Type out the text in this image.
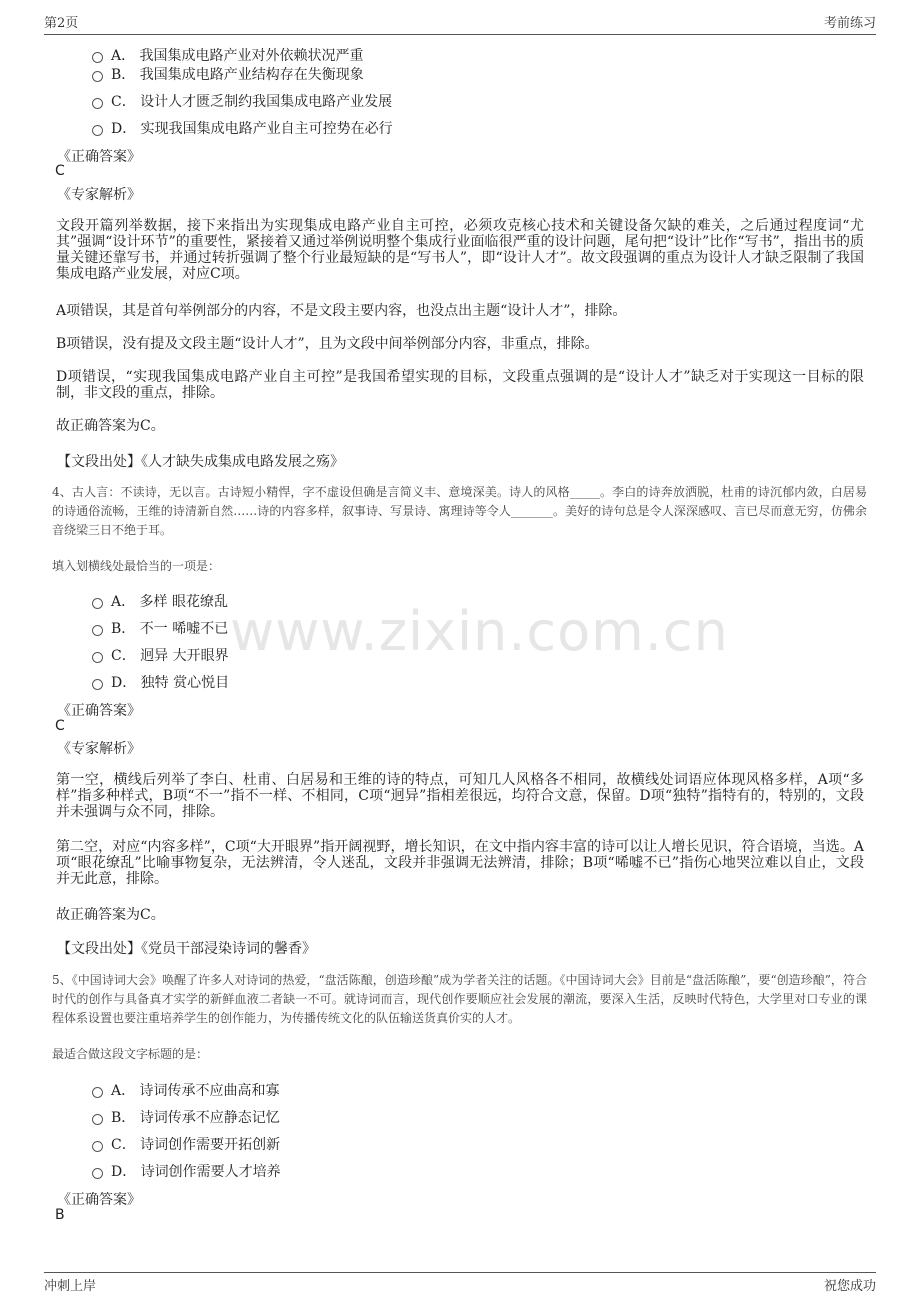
第2页	考前练习
www.zixin.com.cn
A． 我国集成电路产业对外依赖状况严重
B． 我国集成电路产业结构存在失衡现象
C． 设计人才匮乏制约我国集成电路产业发展
D． 实现我国集成电路产业自主可控势在必行
《正确答案》
C
《专家解析》
文段开篇列举数据，接下来指出为实现集成电路产业自主可控，必须攻克核心技术和关键设备欠缺的难关，之后通过程度词“尤其”强调“设计环节”的重要性，紧接着又通过举例说明整个集成行业面临很严重的设计问题，尾句把“设计”比作“写书”，指出书的质量关键还靠写书，并通过转折强调了整个行业最短缺的是“写书人”，即“设计人才”。故文段强调的重点为设计人才缺乏限制了我国集成电路产业发展，对应C项。
A项错误，其是首句举例部分的内容，不是文段主要内容，也没点出主题“设计人才”，排除。
B项错误，没有提及文段主题“设计人才”，且为文段中间举例部分内容，非重点，排除。
D项错误，“实现我国集成电路产业自主可控”是我国希望实现的目标，文段重点强调的是“设计人才”缺乏对于实现这一目标的限制，非文段的重点，排除。
故正确答案为C。
【文段出处】《人才缺失成集成电路发展之殇》
4、古人言：不读诗，无以言。古诗短小精悍，字不虚设但确是言简义丰、意境深美。诗人的风格_____。李白的诗奔放洒脱，杜甫的诗沉郁内敛，白居易的诗通俗流畅，王维的诗清新自然……诗的内容多样，叙事诗、写景诗、寓理诗等令人_______。美好的诗句总是令人深深感叹、言已尽而意无穷，仿佛余音绕梁三日不绝于耳。
填入划横线处最恰当的一项是：
A． 多样 眼花缭乱
B． 不一 唏嘘不已
C． 迥异 大开眼界
D． 独特 赏心悦目
《正确答案》
C
《专家解析》
第一空，横线后列举了李白、杜甫、白居易和王维的诗的特点，可知几人风格各不相同，故横线处词语应体现风格多样，A项“多样”指多种样式，B项“不一”指不一样、不相同，C项“迥异”指相差很远，均符合文意，保留。D项“独特”指特有的，特别的，文段并未强调与众不同，排除。
第二空，对应“内容多样”，C项“大开眼界”指开阔视野，增长知识，在文中指内容丰富的诗可以让人增长见识，符合语境，当选。A项“眼花缭乱”比喻事物复杂，无法辨清，令人迷乱，文段并非强调无法辨清，排除；B项“唏嘘不已”指伤心地哭泣难以自止，文段并无此意，排除。
故正确答案为C。
【文段出处】《党员干部浸染诗词的馨香》
5、《中国诗词大会》唤醒了许多人对诗词的热爱，“盘活陈酿，创造珍酿”成为学者关注的话题。《中国诗词大会》目前是“盘活陈酿”，要“创造珍酿”，符合时代的创作与具备真才实学的新鲜血液二者缺一不可。就诗词而言，现代创作要顺应社会发展的潮流，要深入生活，反映时代特色，大学里对口专业的课程体系设置也要注重培养学生的创作能力，为传播传统文化的队伍输送货真价实的人才。
最适合做这段文字标题的是：
A． 诗词传承不应曲高和寡
B． 诗词传承不应静态记忆
C． 诗词创作需要开拓创新
D． 诗词创作需要人才培养
《正确答案》
B
冲刺上岸	祝您成功
